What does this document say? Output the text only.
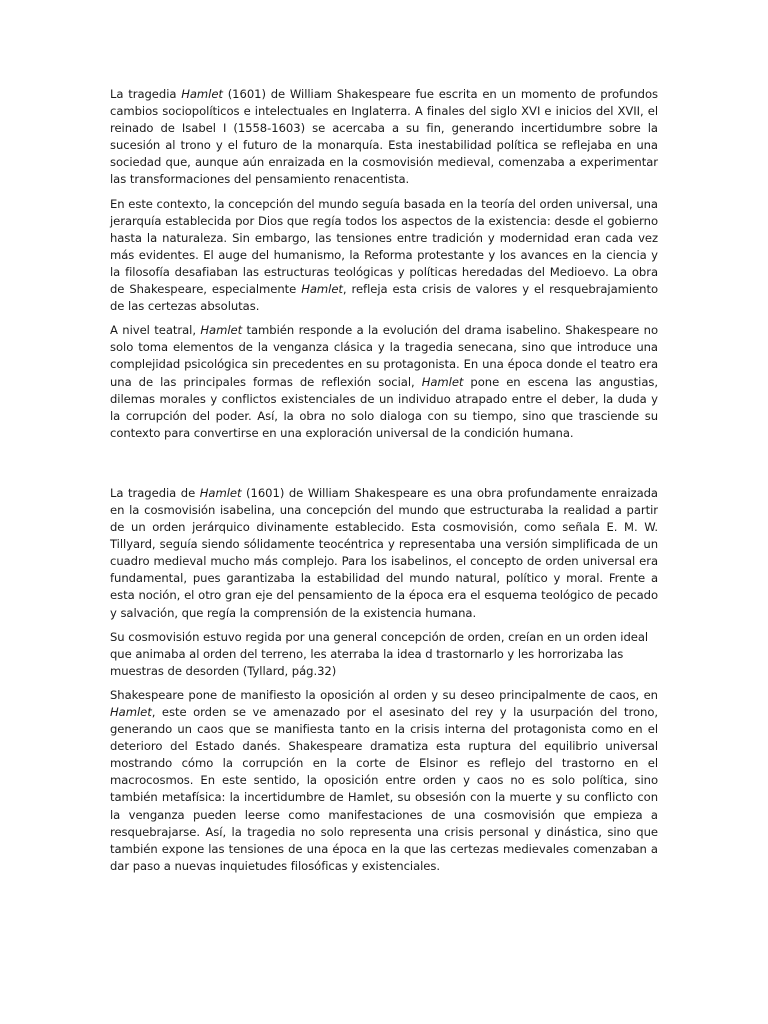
La tragedia Hamlet (1601) de William Shakespeare fue escrita en un momento de profundos cambios sociopolíticos e intelectuales en Inglaterra. A finales del siglo XVI e inicios del XVII, el reinado de Isabel I (1558-1603) se acercaba a su fin, generando incertidumbre sobre la sucesión al trono y el futuro de la monarquía. Esta inestabilidad política se reflejaba en una sociedad que, aunque aún enraizada en la cosmovisión medieval, comenzaba a experimentar las transformaciones del pensamiento renacentista.

En este contexto, la concepción del mundo seguía basada en la teoría del orden universal, una jerarquía establecida por Dios que regía todos los aspectos de la existencia: desde el gobierno hasta la naturaleza. Sin embargo, las tensiones entre tradición y modernidad eran cada vez más evidentes. El auge del humanismo, la Reforma protestante y los avances en la ciencia y la filosofía desafiaban las estructuras teológicas y políticas heredadas del Medioevo. La obra de Shakespeare, especialmente Hamlet, refleja esta crisis de valores y el resquebrajamiento de las certezas absolutas.

A nivel teatral, Hamlet también responde a la evolución del drama isabelino. Shakespeare no solo toma elementos de la venganza clásica y la tragedia senecana, sino que introduce una complejidad psicológica sin precedentes en su protagonista. En una época donde el teatro era una de las principales formas de reflexión social, Hamlet pone en escena las angustias, dilemas morales y conflictos existenciales de un individuo atrapado entre el deber, la duda y la corrupción del poder. Así, la obra no solo dialoga con su tiempo, sino que trasciende su contexto para convertirse en una exploración universal de la condición humana.

La tragedia de Hamlet (1601) de William Shakespeare es una obra profundamente enraizada en la cosmovisión isabelina, una concepción del mundo que estructuraba la realidad a partir de un orden jerárquico divinamente establecido. Esta cosmovisión, como señala E. M. W. Tillyard, seguía siendo sólidamente teocéntrica y representaba una versión simplificada de un cuadro medieval mucho más complejo. Para los isabelinos, el concepto de orden universal era fundamental, pues garantizaba la estabilidad del mundo natural, político y moral. Frente a esta noción, el otro gran eje del pensamiento de la época era el esquema teológico de pecado y salvación, que regía la comprensión de la existencia humana.

Su cosmovisión estuvo regida por una general concepción de orden, creían en un orden ideal que animaba al orden del terreno, les aterraba la idea d trastornarlo y les horrorizaba las muestras de desorden (Tyllard, pág.32)

Shakespeare pone de manifiesto la oposición al orden y su deseo principalmente de caos, en Hamlet, este orden se ve amenazado por el asesinato del rey y la usurpación del trono, generando un caos que se manifiesta tanto en la crisis interna del protagonista como en el deterioro del Estado danés. Shakespeare dramatiza esta ruptura del equilibrio universal mostrando cómo la corrupción en la corte de Elsinor es reflejo del trastorno en el macrocosmos. En este sentido, la oposición entre orden y caos no es solo política, sino también metafísica: la incertidumbre de Hamlet, su obsesión con la muerte y su conflicto con la venganza pueden leerse como manifestaciones de una cosmovisión que empieza a resquebrajarse. Así, la tragedia no solo representa una crisis personal y dinástica, sino que también expone las tensiones de una época en la que las certezas medievales comenzaban a dar paso a nuevas inquietudes filosóficas y existenciales.
